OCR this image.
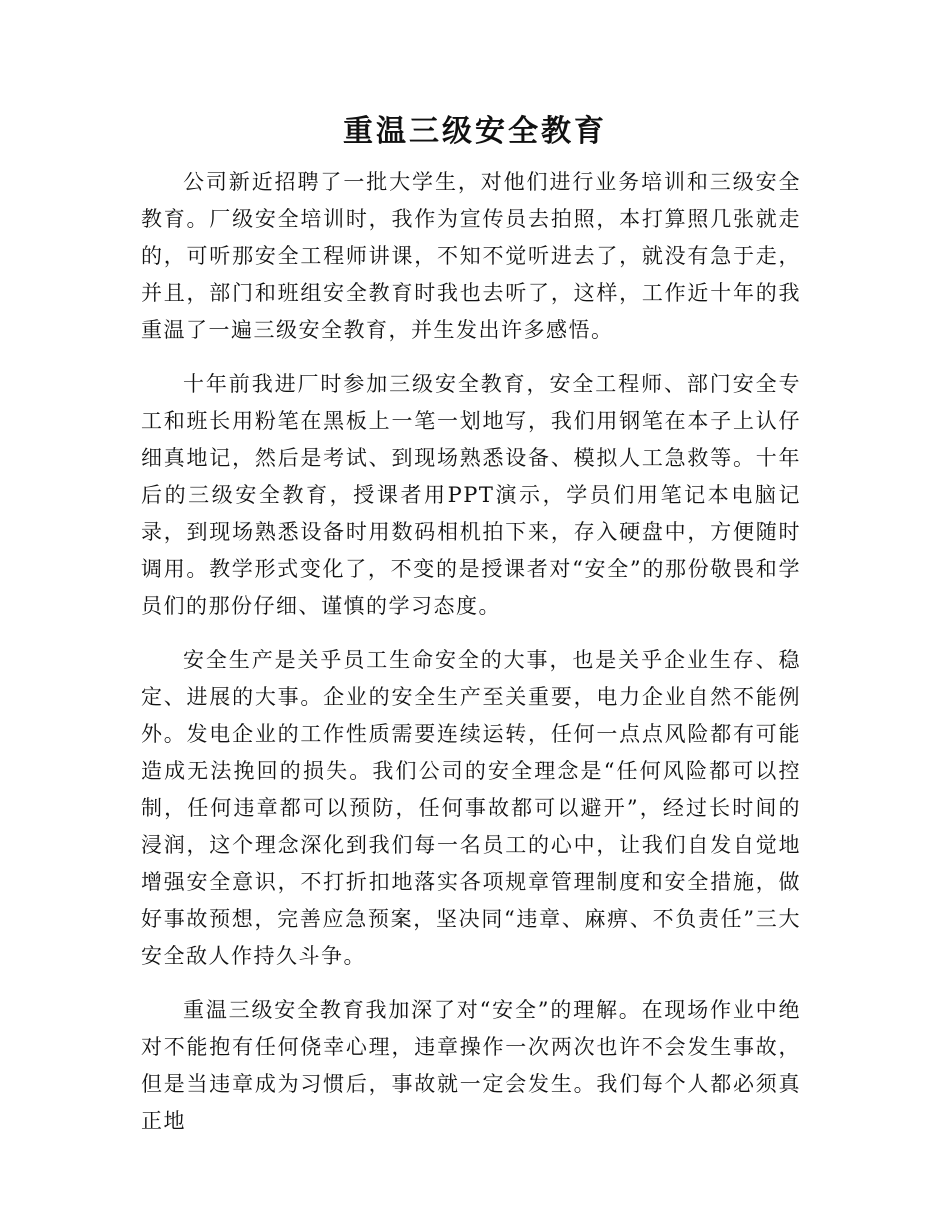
重温三级安全教育

公司新近招聘了一批大学生，对他们进行业务培训和三级安全教育。厂级安全培训时，我作为宣传员去拍照，本打算照几张就走的，可听那安全工程师讲课，不知不觉听进去了，就没有急于走，并且，部门和班组安全教育时我也去听了，这样，工作近十年的我重温了一遍三级安全教育，并生发出许多感悟。

十年前我进厂时参加三级安全教育，安全工程师、部门安全专工和班长用粉笔在黑板上一笔一划地写，我们用钢笔在本子上认仔细真地记，然后是考试、到现场熟悉设备、模拟人工急救等。十年后的三级安全教育，授课者用PPT演示，学员们用笔记本电脑记录，到现场熟悉设备时用数码相机拍下来，存入硬盘中，方便随时调用。教学形式变化了，不变的是授课者对“安全”的那份敬畏和学员们的那份仔细、谨慎的学习态度。

安全生产是关乎员工生命安全的大事，也是关乎企业生存、稳定、进展的大事。企业的安全生产至关重要，电力企业自然不能例外。发电企业的工作性质需要连续运转，任何一点点风险都有可能造成无法挽回的损失。我们公司的安全理念是“任何风险都可以控制，任何违章都可以预防，任何事故都可以避开”，经过长时间的浸润，这个理念深化到我们每一名员工的心中，让我们自发自觉地增强安全意识，不打折扣地落实各项规章管理制度和安全措施，做好事故预想，完善应急预案，坚决同“违章、麻痹、不负责任”三大安全敌人作持久斗争。

重温三级安全教育我加深了对“安全”的理解。在现场作业中绝对不能抱有任何侥幸心理，违章操作一次两次也许不会发生事故，但是当违章成为习惯后，事故就一定会发生。我们每个人都必须真正地
